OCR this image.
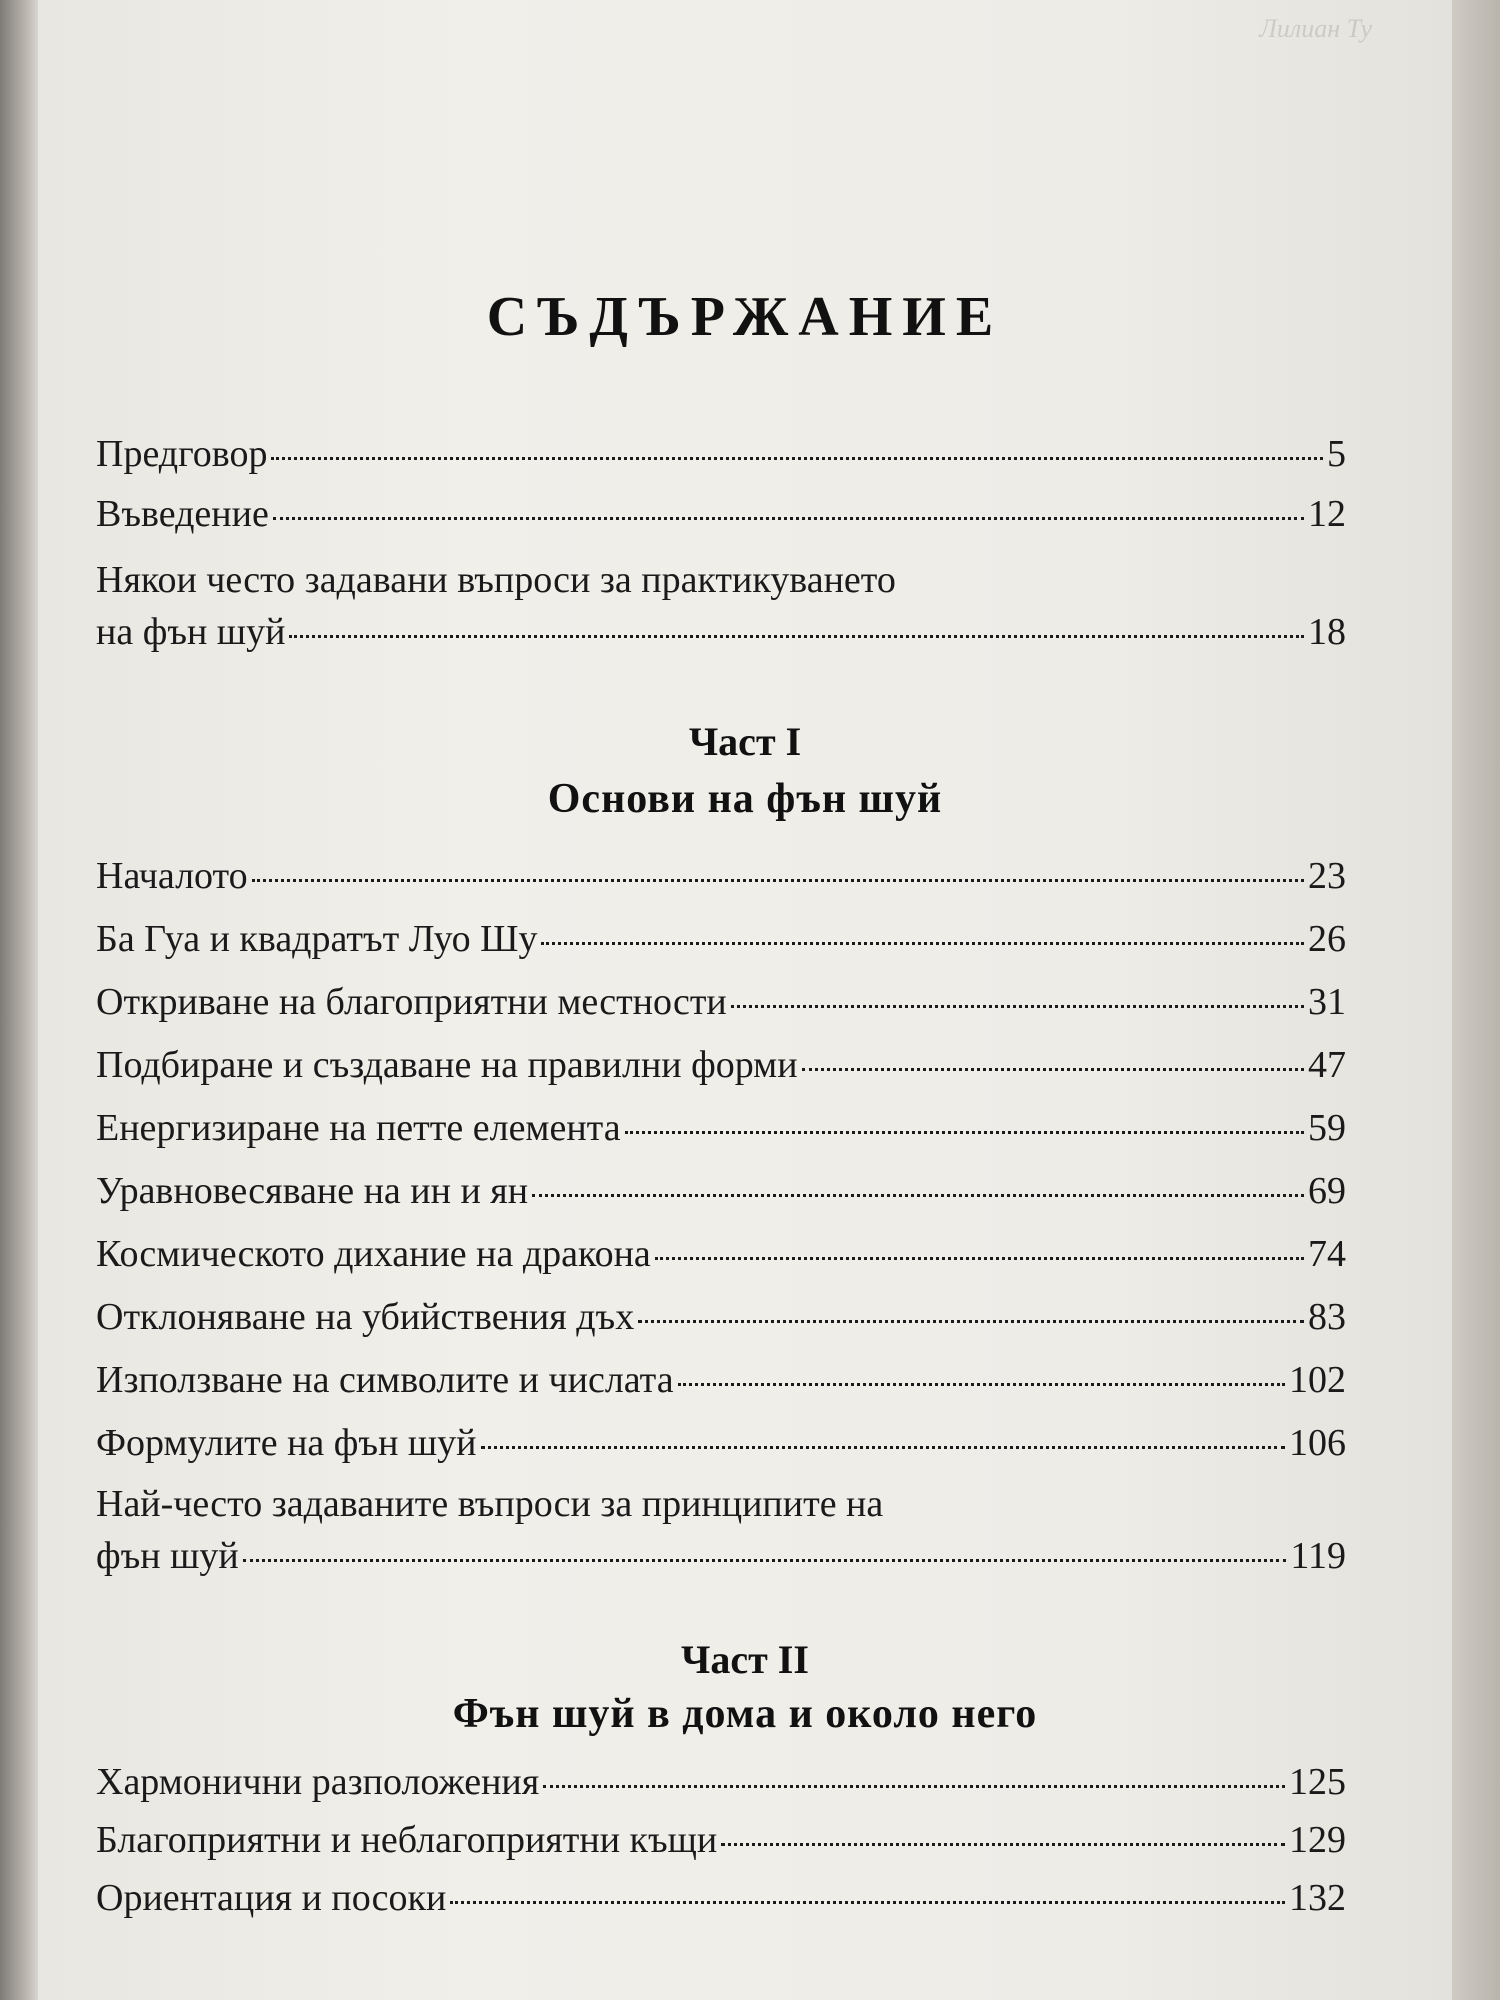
Лилиан Ту
СЪДЪРЖАНИЕ
Предговор	5
Въведение	12
Някои често задавани въпроси за практикуването
на фън шуй	18
Част I
Основи на фън шуй
Началото	23
Ба Гуа и квадратът Луо Шу	26
Откриване на благоприятни местности	31
Подбиране и създаване на правилни форми	47
Енергизиране на петте елемента	59
Уравновесяване на ин и ян	69
Космическото дихание на дракона	74
Отклоняване на убийствения дъх	83
Използване на символите и числата	102
Формулите на фън шуй	106
Най-често задаваните въпроси за принципите на
фън шуй	119
Част II
Фън шуй в дома и около него
Хармонични разположения	125
Благоприятни и неблагоприятни къщи	129
Ориентация и посоки	132
